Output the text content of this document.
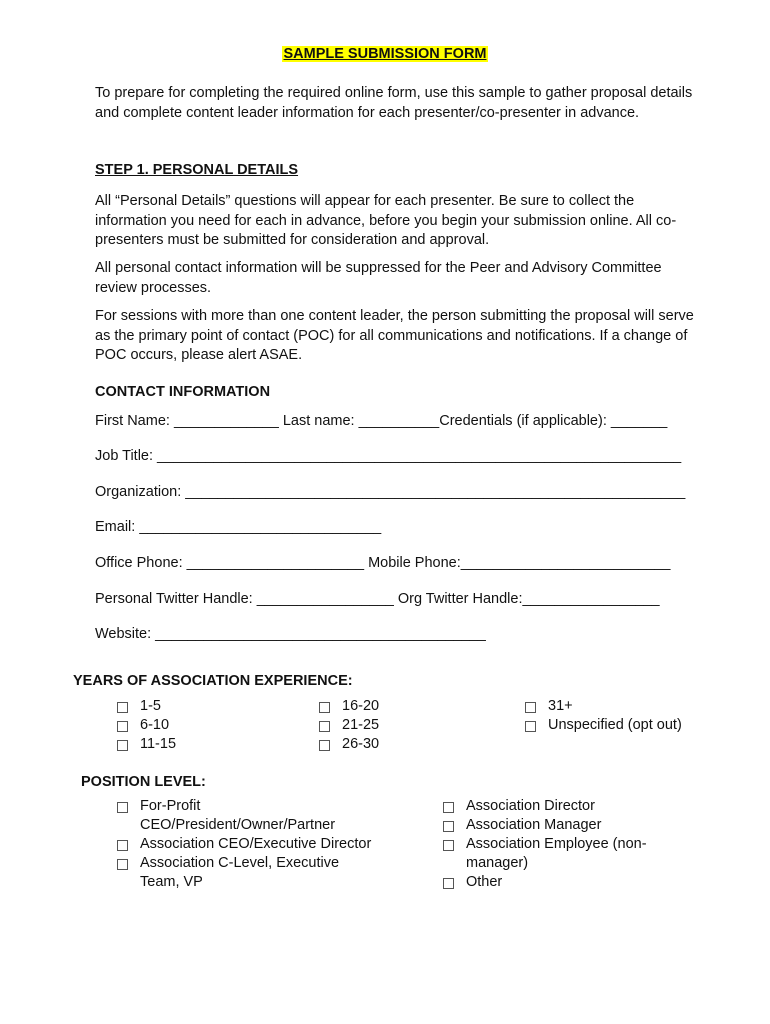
SAMPLE SUBMISSION FORM

To prepare for completing the required online form, use this sample to gather proposal details and complete content leader information for each presenter/co-presenter in advance.

STEP 1. PERSONAL DETAILS

All “Personal Details” questions will appear for each presenter. Be sure to collect the information you need for each in advance, before you begin your submission online. All co-presenters must be submitted for consideration and approval.

All personal contact information will be suppressed for the Peer and Advisory Committee review processes.

For sessions with more than one content leader, the person submitting the proposal will serve as the primary point of contact (POC) for all communications and notifications. If a change of POC occurs, please alert ASAE.

CONTACT INFORMATION

First Name: _____________ Last name: __________Credentials (if applicable): _______

Job Title: _________________________________________________________________

Organization: ______________________________________________________________

Email: ______________________________

Office Phone: ______________________ Mobile Phone:__________________________

Personal Twitter Handle: _________________ Org Twitter Handle:_________________

Website: _________________________________________

YEARS OF ASSOCIATION EXPERIENCE:

1-5
6-10
11-15
16-20
21-25
26-30
31+
Unspecified (opt out)

POSITION LEVEL:

For-Profit CEO/President/Owner/Partner
Association CEO/Executive Director
Association C-Level, Executive Team, VP
Association Director
Association Manager
Association Employee (non-manager)
Other
